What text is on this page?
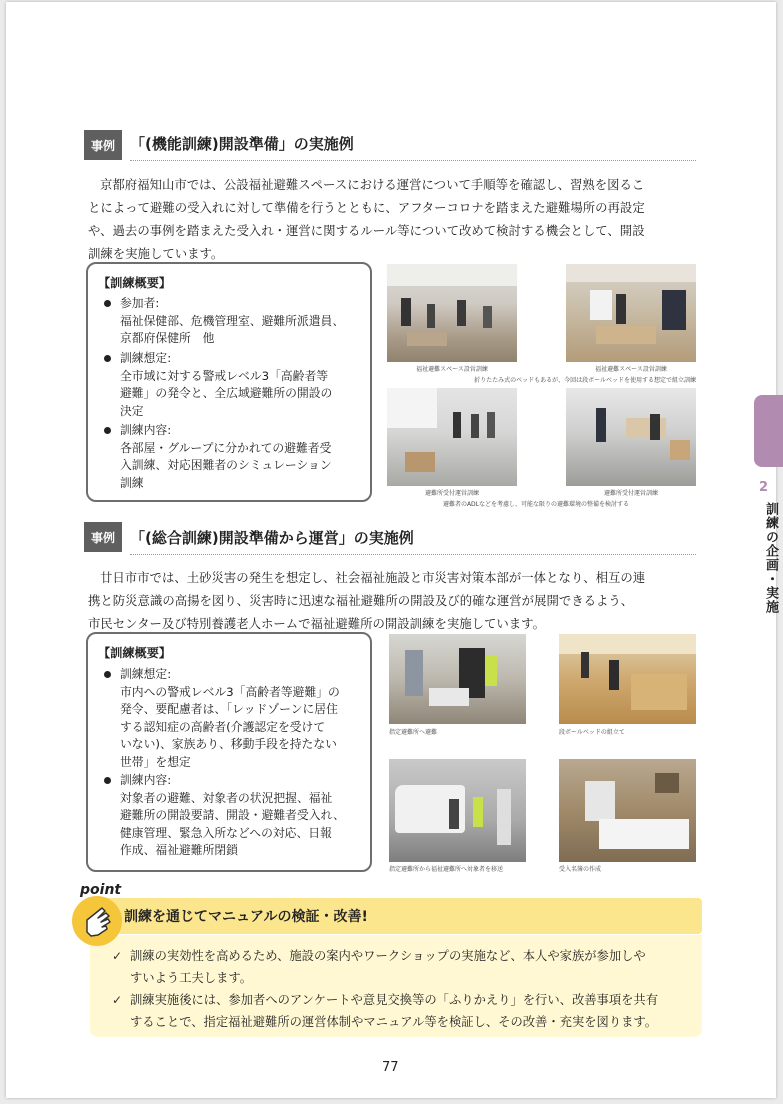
事例	「(機能訓練)開設準備」の実施例
京都府福知山市では、公設福祉避難スペースにおける運営について手順等を確認し、習熟を図るこ
とによって避難の受入れに対して準備を行うとともに、アフターコロナを踏まえた避難場所の再設定
や、過去の事例を踏まえた受入れ・運営に関するルール等について改めて検討する機会として、開設
訓練を実施しています。
【訓練概要】
参加者:
福祉保健部、危機管理室、避難所派遣員、
京都府保健所　他
訓練想定:
全市域に対する警戒レベル3「高齢者等
避難」の発令と、全広域避難所の開設の
決定
訓練内容:
各部屋・グループに分かれての避難者受
入訓練、対応困難者のシミュレーション
訓練
福祉避難スペース設営訓練	福祉避難スペース設営訓練
折りたたみ式のベッドもあるが、今回は段ボールベッドを使用する想定で組立訓練
避難所受付運営訓練	避難所受付運営訓練
避難者のADLなどを考慮し、可能な限りの避難環境の整備を検討する
事例	「(総合訓練)開設準備から運営」の実施例
廿日市市では、土砂災害の発生を想定し、社会福祉施設と市災害対策本部が一体となり、相互の連
携と防災意識の高揚を図り、災害時に迅速な福祉避難所の開設及び的確な運営が展開できるよう、
市民センター及び特別養護老人ホームで福祉避難所の開設訓練を実施しています。
【訓練概要】
訓練想定:
市内への警戒レベル3「高齢者等避難」の
発令、要配慮者は、「レッドゾーンに居住
する認知症の高齢者(介護認定を受けて
いない)、家族あり、移動手段を持たない
世帯」を想定
訓練内容:
対象者の避難、対象者の状況把握、福祉
避難所の開設要請、開設・避難者受入れ、
健康管理、緊急入所などへの対応、日報
作成、福祉避難所閉鎖
指定避難所へ避難	段ボールベッドの組立て
指定避難所から福祉避難所へ対象者を移送	受入名簿の作成
point
訓練を通じてマニュアルの検証・改善!
✓ 訓練の実効性を高めるため、施設の案内やワークショップの実施など、本人や家族が参加しや
すいよう工夫します。
✓ 訓練実施後には、参加者へのアンケートや意見交換等の「ふりかえり」を行い、改善事項を共有
することで、指定福祉避難所の運営体制やマニュアル等を検証し、その改善・充実を図ります。
77
2
訓練の企画・実施
